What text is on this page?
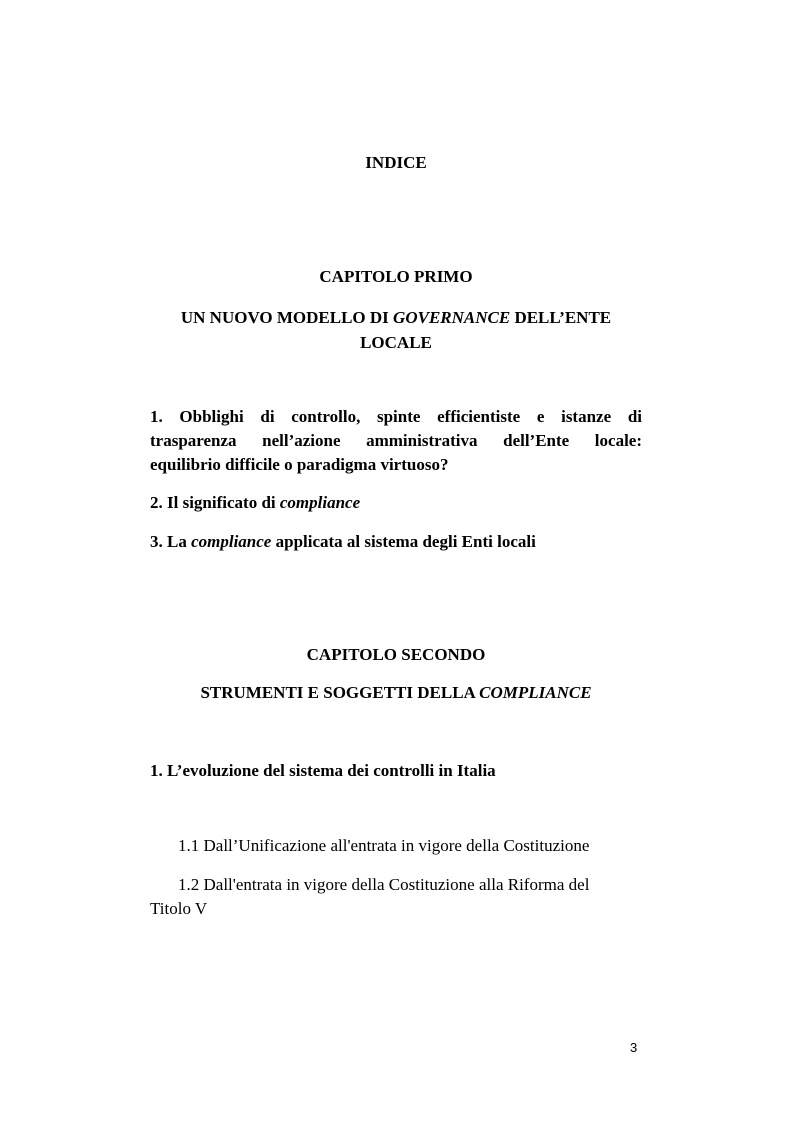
INDICE
CAPITOLO PRIMO
UN NUOVO MODELLO DI GOVERNANCE DELL’ENTE
LOCALE
1. Obblighi di controllo, spinte efficientiste e istanze di
trasparenza nell’azione amministrativa dell’Ente locale:
equilibrio difficile o paradigma virtuoso?
2. Il significato di compliance
3. La compliance applicata al sistema degli Enti locali
CAPITOLO SECONDO
STRUMENTI E SOGGETTI DELLA COMPLIANCE
1. L’evoluzione del sistema dei controlli in Italia
1.1 Dall’Unificazione all'entrata in vigore della Costituzione
1.2 Dall'entrata in vigore della Costituzione alla Riforma del
Titolo V
3
